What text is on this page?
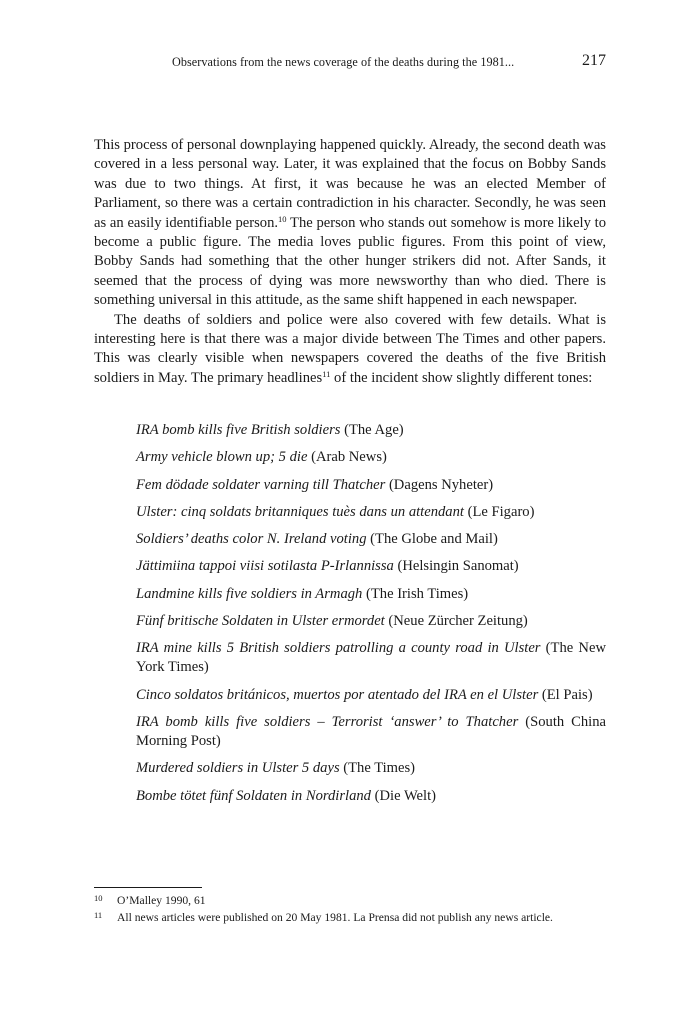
Observations from the news coverage of the deaths during the 1981...	217

This process of personal downplaying happened quickly. Already, the second death was covered in a less personal way. Later, it was explained that the focus on Bobby Sands was due to two things. At first, it was because he was an elected Member of Parliament, so there was a certain contradiction in his character. Secondly, he was seen as an easily identifiable person.$^{10}$ The person who stands out somehow is more likely to become a public figure. The media loves public figures. From this point of view, Bobby Sands had something that the other hunger strikers did not. After Sands, it seemed that the process of dying was more newsworthy than who died. There is something universal in this attitude, as the same shift happened in each newspaper.

The deaths of soldiers and police were also covered with few details. What is interesting here is that there was a major divide between The Times and other papers. This was clearly visible when newspapers covered the deaths of the five British soldiers in May. The primary headlines$^{11}$ of the incident show slightly different tones:

IRA bomb kills five British soldiers (The Age)
Army vehicle blown up; 5 die (Arab News)
Fem dödade soldater varning till Thatcher (Dagens Nyheter)
Ulster: cinq soldats britanniques tuès dans un attendant (Le Figaro)
Soldiers’ deaths color N. Ireland voting (The Globe and Mail)
Jättimiina tappoi viisi sotilasta P-Irlannissa (Helsingin Sanomat)
Landmine kills five soldiers in Armagh (The Irish Times)
Fünf britische Soldaten in Ulster ermordet (Neue Zürcher Zeitung)
IRA mine kills 5 British soldiers patrolling a county road in Ulster (The New York Times)
Cinco soldatos británicos, muertos por atentado del IRA en el Ulster (El Pais)
IRA bomb kills five soldiers – Terrorist ‘answer’ to Thatcher (South China Morning Post)
Murdered soldiers in Ulster 5 days (The Times)
Bombe tötet fünf Soldaten in Nordirland (Die Welt)
10 O’Malley 1990, 61
11 All news articles were published on 20 May 1981. La Prensa did not publish any news article.
